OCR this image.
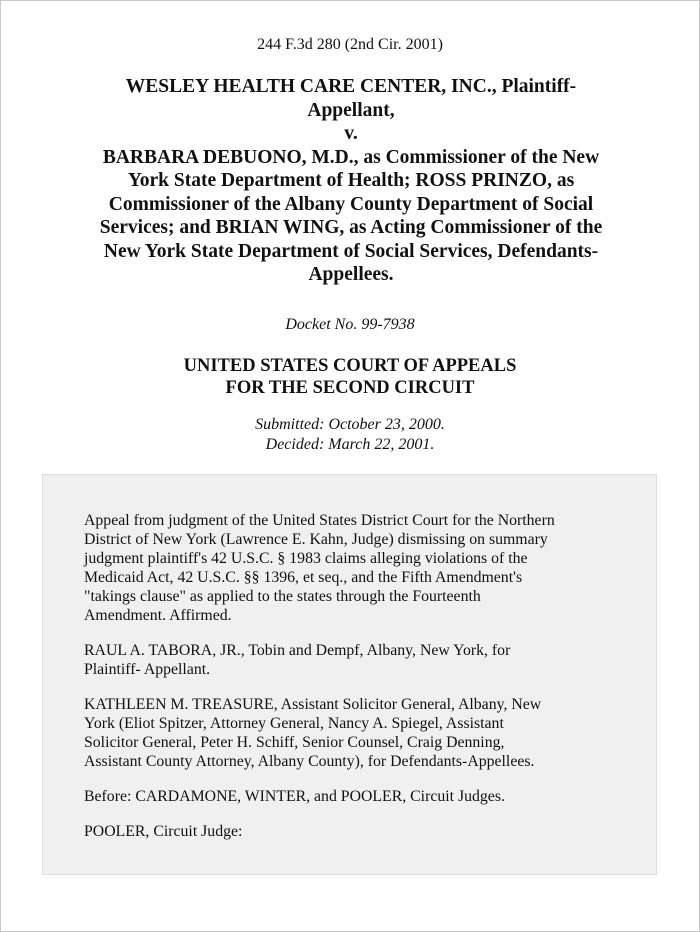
244 F.3d 280 (2nd Cir. 2001)
WESLEY HEALTH CARE CENTER, INC., Plaintiff-
Appellant,
v.
BARBARA DEBUONO, M.D., as Commissioner of the New
York State Department of Health; ROSS PRINZO, as
Commissioner of the Albany County Department of Social
Services; and BRIAN WING, as Acting Commissioner of the
New York State Department of Social Services, Defendants-
Appellees.
Docket No. 99-7938
UNITED STATES COURT OF APPEALS
FOR THE SECOND CIRCUIT
Submitted: October 23, 2000.
Decided: March 22, 2001.

Appeal from judgment of the United States District Court for the Northern
District of New York (Lawrence E. Kahn, Judge) dismissing on summary
judgment plaintiff's 42 U.S.C. § 1983 claims alleging violations of the
Medicaid Act, 42 U.S.C. §§ 1396, et seq., and the Fifth Amendment's
"takings clause" as applied to the states through the Fourteenth
Amendment. Affirmed.

RAUL A. TABORA, JR., Tobin and Dempf, Albany, New York, for
Plaintiff- Appellant.

KATHLEEN M. TREASURE, Assistant Solicitor General, Albany, New
York (Eliot Spitzer, Attorney General, Nancy A. Spiegel, Assistant
Solicitor General, Peter H. Schiff, Senior Counsel, Craig Denning,
Assistant County Attorney, Albany County), for Defendants-Appellees.

Before: CARDAMONE, WINTER, and POOLER, Circuit Judges.

POOLER, Circuit Judge:
